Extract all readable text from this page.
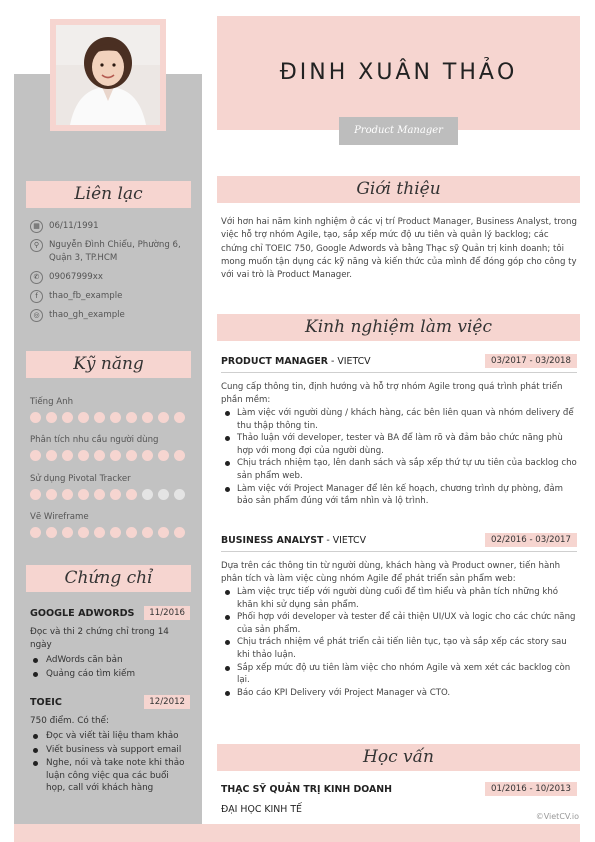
Liên lạc
▦	06/11/1991
⚲	Nguyễn Đình Chiểu, Phường 6, Quận 3, TP.HCM
✆	09067999xx
f	thao_fb_example
◎	thao_gh_example
Kỹ năng
Tiếng Anh
Phân tích nhu cầu người dùng
Sử dụng Pivotal Tracker
Vẽ Wireframe
Chứng chỉ
GOOGLE ADWORDS	11/2016
Đọc và thi 2 chứng chỉ trong 14 ngày
AdWords căn bản
Quảng cáo tìm kiếm
TOEIC	12/2012
750 điểm. Có thể:
Đọc và viết tài liệu tham khảo
Viết business và support email
Nghe, nói và take note khi thảo luận công việc qua các buổi họp, call với khách hàng
ĐINH XUÂN THẢO
Product Manager
Giới thiệu
Với hơn hai năm kinh nghiệm ở các vị trí Product Manager, Business Analyst, trong việc hỗ trợ nhóm Agile, tạo, sắp xếp mức độ ưu tiên và quản lý backlog; các chứng chỉ TOEIC 750, Google Adwords và bằng Thạc sỹ Quản trị kinh doanh; tôi mong muốn tận dụng các kỹ năng và kiến thức của mình để đóng góp cho công ty với vai trò là Product Manager.
Kinh nghiệm làm việc
PRODUCT MANAGER - VIETCV	03/2017 - 03/2018
Cung cấp thông tin, định hướng và hỗ trợ nhóm Agile trong quá trình phát triển phần mềm:
Làm việc với người dùng / khách hàng, các bên liên quan và nhóm delivery để thu thập thông tin.
Thảo luận với developer, tester và BA để làm rõ và đảm bảo chức năng phù hợp với mong đợi của người dùng.
Chịu trách nhiệm tạo, lên danh sách và sắp xếp thứ tự ưu tiên của backlog cho sản phẩm web.
Làm việc với Project Manager để lên kế hoạch, chương trình dự phòng, đảm bảo sản phẩm đúng với tầm nhìn và lộ trình.
BUSINESS ANALYST - VIETCV	02/2016 - 03/2017
Dựa trên các thông tin từ người dùng, khách hàng và Product owner, tiến hành phân tích và làm việc cùng nhóm Agile để phát triển sản phẩm web:
Làm việc trực tiếp với người dùng cuối để tìm hiểu và phân tích những khó khăn khi sử dụng sản phẩm.
Phối hợp với developer và tester để cải thiện UI/UX và logic cho các chức năng của sản phẩm.
Chịu trách nhiệm về phát triển cải tiến liên tục, tạo và sắp xếp các story sau khi thảo luận.
Sắp xếp mức độ ưu tiên làm việc cho nhóm Agile và xem xét các backlog còn lại.
Báo cáo KPI Delivery với Project Manager và CTO.
Học vấn
THẠC SỸ QUẢN TRỊ KINH DOANH	01/2016 - 10/2013
ĐẠI HỌC KINH TẾ
©VietCV.io
